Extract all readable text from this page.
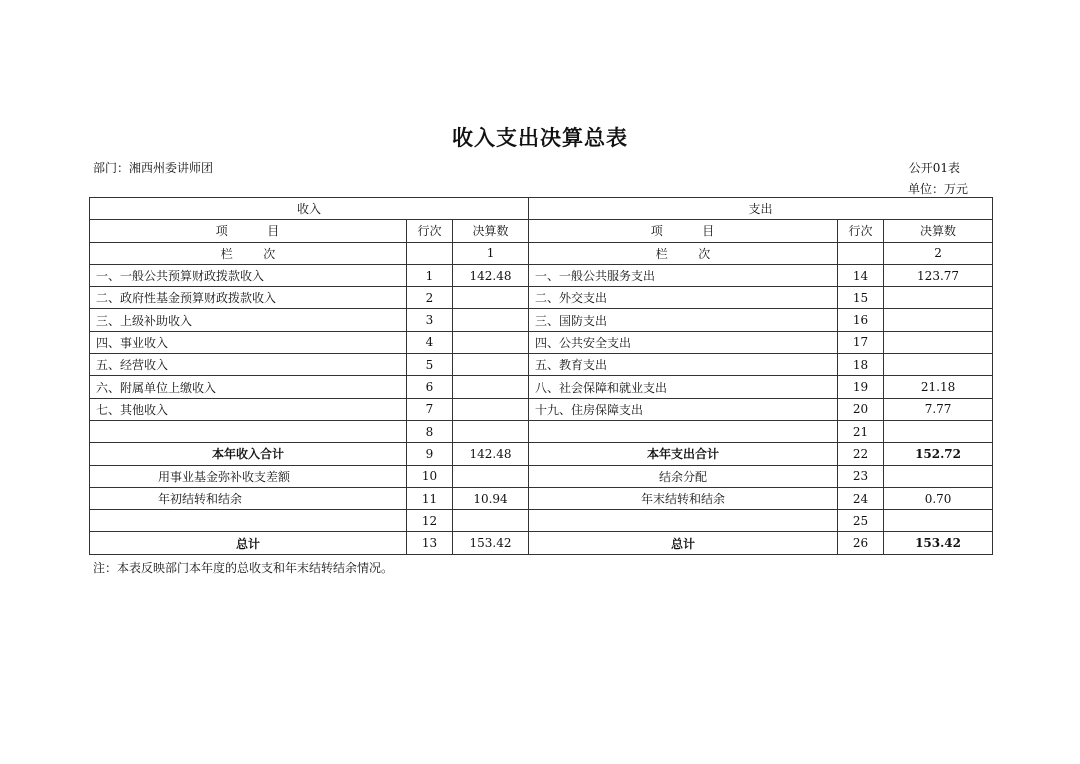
收入支出决算总表
部门：湘西州委讲师团	公开01表
单位：万元
收入			支出		
项        目	行次	决算数	项        目	行次	决算数
栏        次		1	栏        次		2
一、一般公共预算财政拨款收入	1	142.48	一、一般公共服务支出	14	123.77
二、政府性基金预算财政拨款收入	2		二、外交支出	15	
三、上级补助收入	3		三、国防支出	16	
四、事业收入	4		四、公共安全支出	17	
五、经营收入	5		五、教育支出	18	
六、附属单位上缴收入	6		八、社会保障和就业支出	19	21.18
七、其他收入	7		十九、住房保障支出	20	7.77
	8			21	
本年收入合计	9	142.48	本年支出合计	22	152.72
用事业基金弥补收支差额	10		结余分配	23	
年初结转和结余	11	10.94	年末结转和结余	24	0.70
	12			25	
总计	13	153.42	总计	26	153.42
注：本表反映部门本年度的总收支和年末结转结余情况。
